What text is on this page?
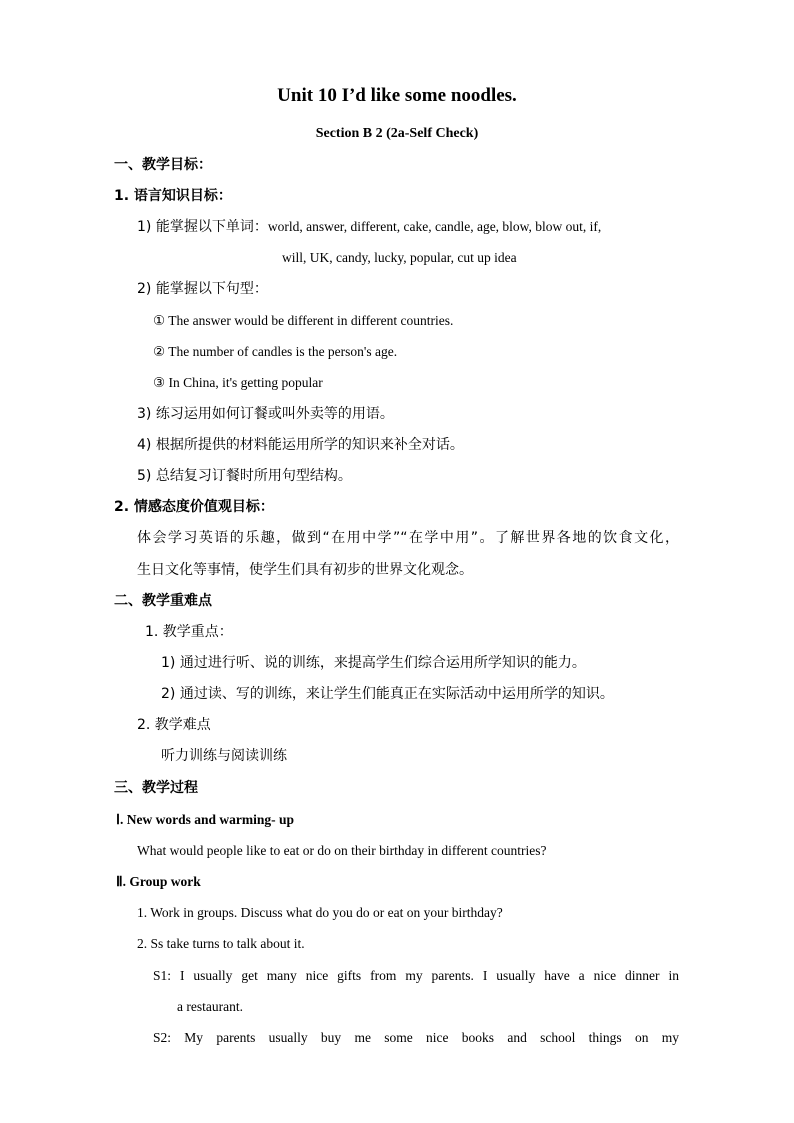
Unit 10 I’d like some noodles.
Section B 2 (2a-Self Check)
一、教学目标：
1. 语言知识目标：
1) 能掌握以下单词：world, answer, different, cake, candle, age, blow, blow out, if,
will, UK, candy, lucky, popular, cut up idea
2) 能掌握以下句型：
① The answer would be different in different countries.
② The number of candles is the person's age.
③ In China, it's getting popular
3) 练习运用如何订餐或叫外卖等的用语。
4) 根据所提供的材料能运用所学的知识来补全对话。
5) 总结复习订餐时所用句型结构。
2. 情感态度价值观目标：
体会学习英语的乐趣，做到“在用中学”“在学中用”。了解世界各地的饮食文化，
生日文化等事情，使学生们具有初步的世界文化观念。
二、教学重难点
1. 教学重点：
1) 通过进行听、说的训练，来提高学生们综合运用所学知识的能力。
2) 通过读、写的训练，来让学生们能真正在实际活动中运用所学的知识。
2. 教学难点
听力训练与阅读训练
三、教学过程
Ⅰ. New words and warming- up
What would people like to eat or do on their birthday in different countries?
Ⅱ. Group work
1. Work in groups. Discuss what do you do or eat on your birthday?
2. Ss take turns to talk about it.
S1: I usually get many nice gifts from my parents. I usually have a nice dinner in
a restaurant.
S2: My parents usually buy me some nice books and school things on my
